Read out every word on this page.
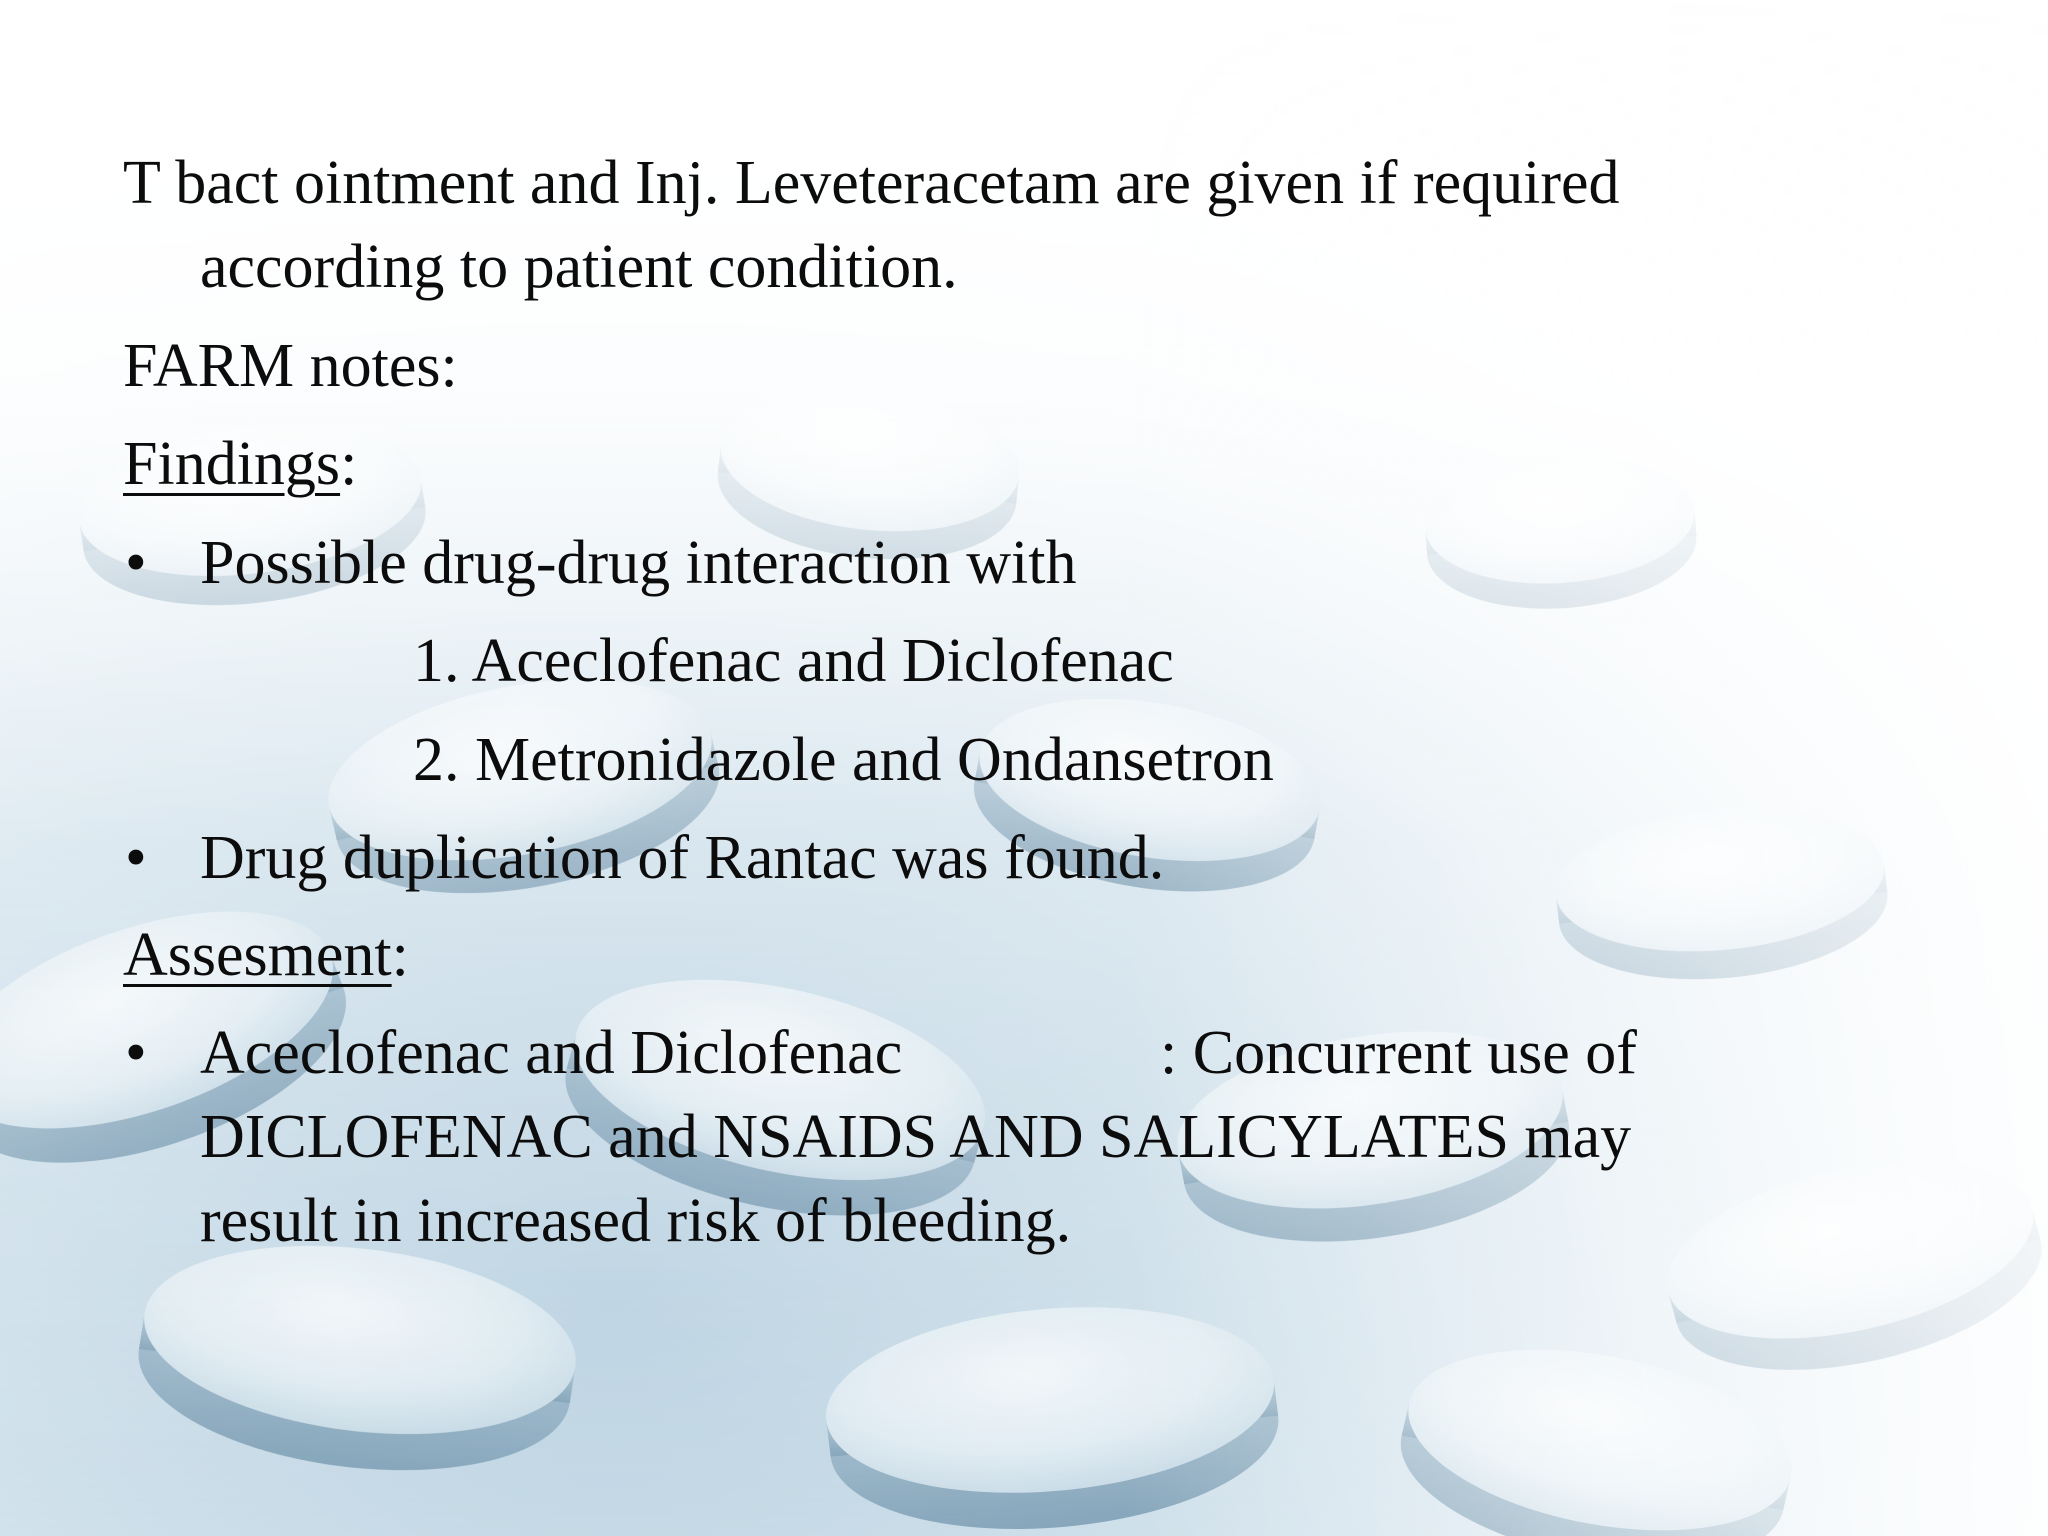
T bact ointment and Inj. Leveteracetam are given if required
according to patient condition.
FARM notes:
Findings:
• Possible drug-drug interaction with
1. Aceclofenac and Diclofenac
2. Metronidazole and Ondansetron
• Drug duplication of Rantac was found.
Assesment:
• Aceclofenac and Diclofenac	: Concurrent use of
DICLOFENAC and NSAIDS AND SALICYLATES may
result in increased risk of bleeding.
